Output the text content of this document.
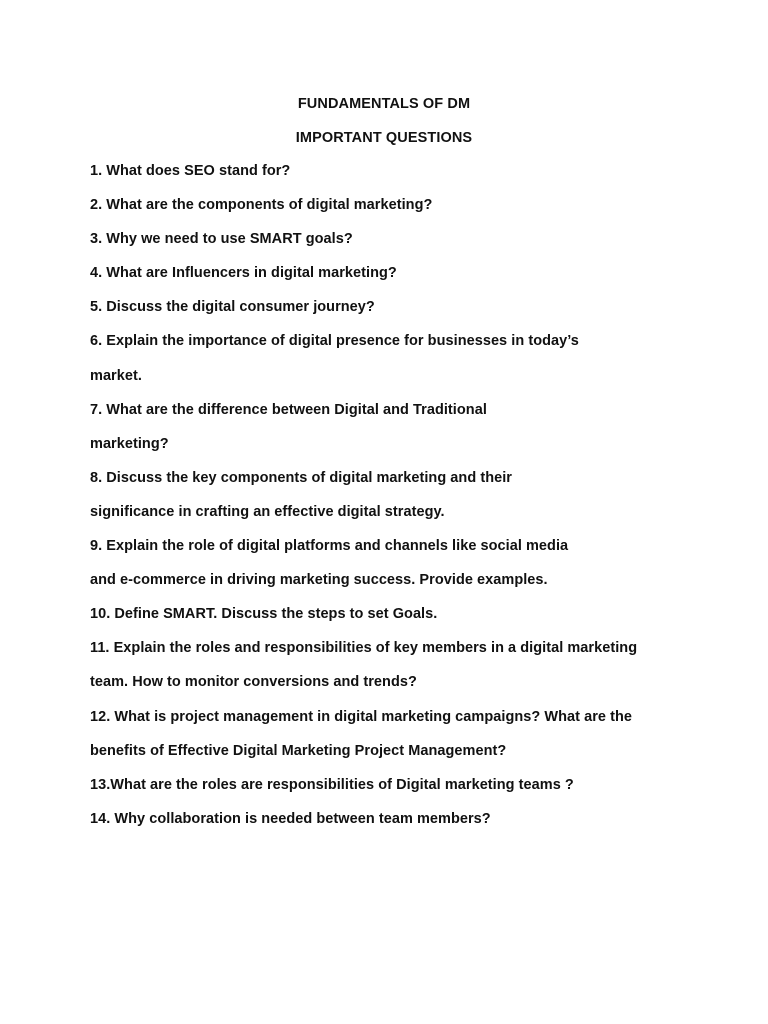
FUNDAMENTALS OF DM
IMPORTANT QUESTIONS
1. What does SEO stand for?
2. What are the components of digital marketing?
3. Why we need to use SMART goals?
4. What are Influencers in digital marketing?
5. Discuss the digital consumer journey?
6. Explain the importance of digital presence for businesses in today’s
market.
7. What are the difference between Digital and Traditional
marketing?
8. Discuss the key components of digital marketing and their
significance in crafting an effective digital strategy.
9. Explain the role of digital platforms and channels like social media
and e-commerce in driving marketing success. Provide examples.
10. Define SMART. Discuss the steps to set Goals.
11. Explain the roles and responsibilities of key members in a digital marketing
team. How to monitor conversions and trends?
12. What is project management in digital marketing campaigns? What are the
benefits of Effective Digital Marketing Project Management?
13.What are the roles are responsibilities of Digital marketing teams ?
14. Why collaboration is needed between team members?
